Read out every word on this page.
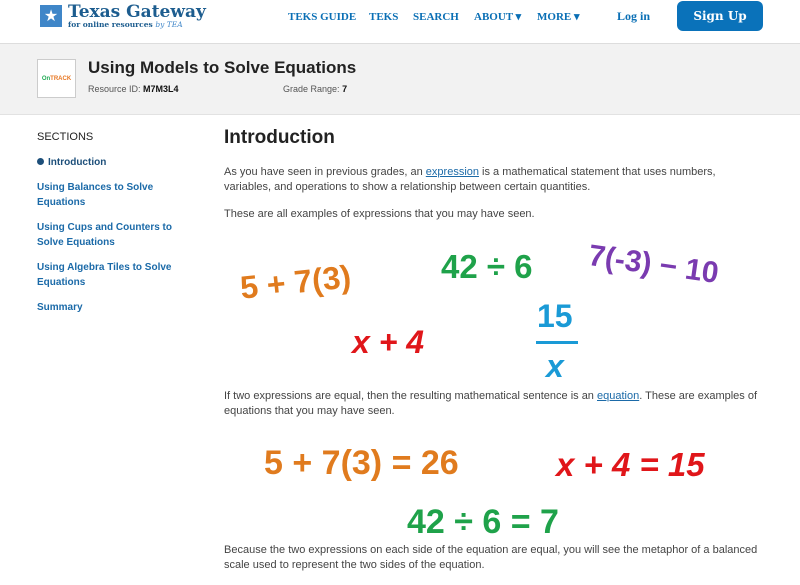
★ Texas Gateway
for online resources by TEA
TEKS GUIDE TEKS SEARCH ABOUT ▾ MORE ▾	Log in	Sign Up
On TRACK
Using Models to Solve Equations
Resource ID: M7M3L4	Grade Range: 7
SECTIONS
Introduction
Using Balances to Solve Equations
Using Cups and Counters to Solve Equations
Using Algebra Tiles to Solve Equations
Summary
Introduction

As you have seen in previous grades, an expression is a mathematical statement that uses numbers, variables, and operations to show a relationship between certain quantities.

These are all examples of expressions that you may have seen.

5 + 7(3)	42 ÷ 6 7(-3) − 10
x + 4
15
x

If two expressions are equal, then the resulting mathematical sentence is an equation. These are examples of equations that you may have seen.

5 + 7(3) = 26	x + 4 = 15
42 ÷ 6 = 7

Because the two expressions on each side of the equation are equal, you will see the metaphor of a balanced scale used to represent the two sides of the equation.
